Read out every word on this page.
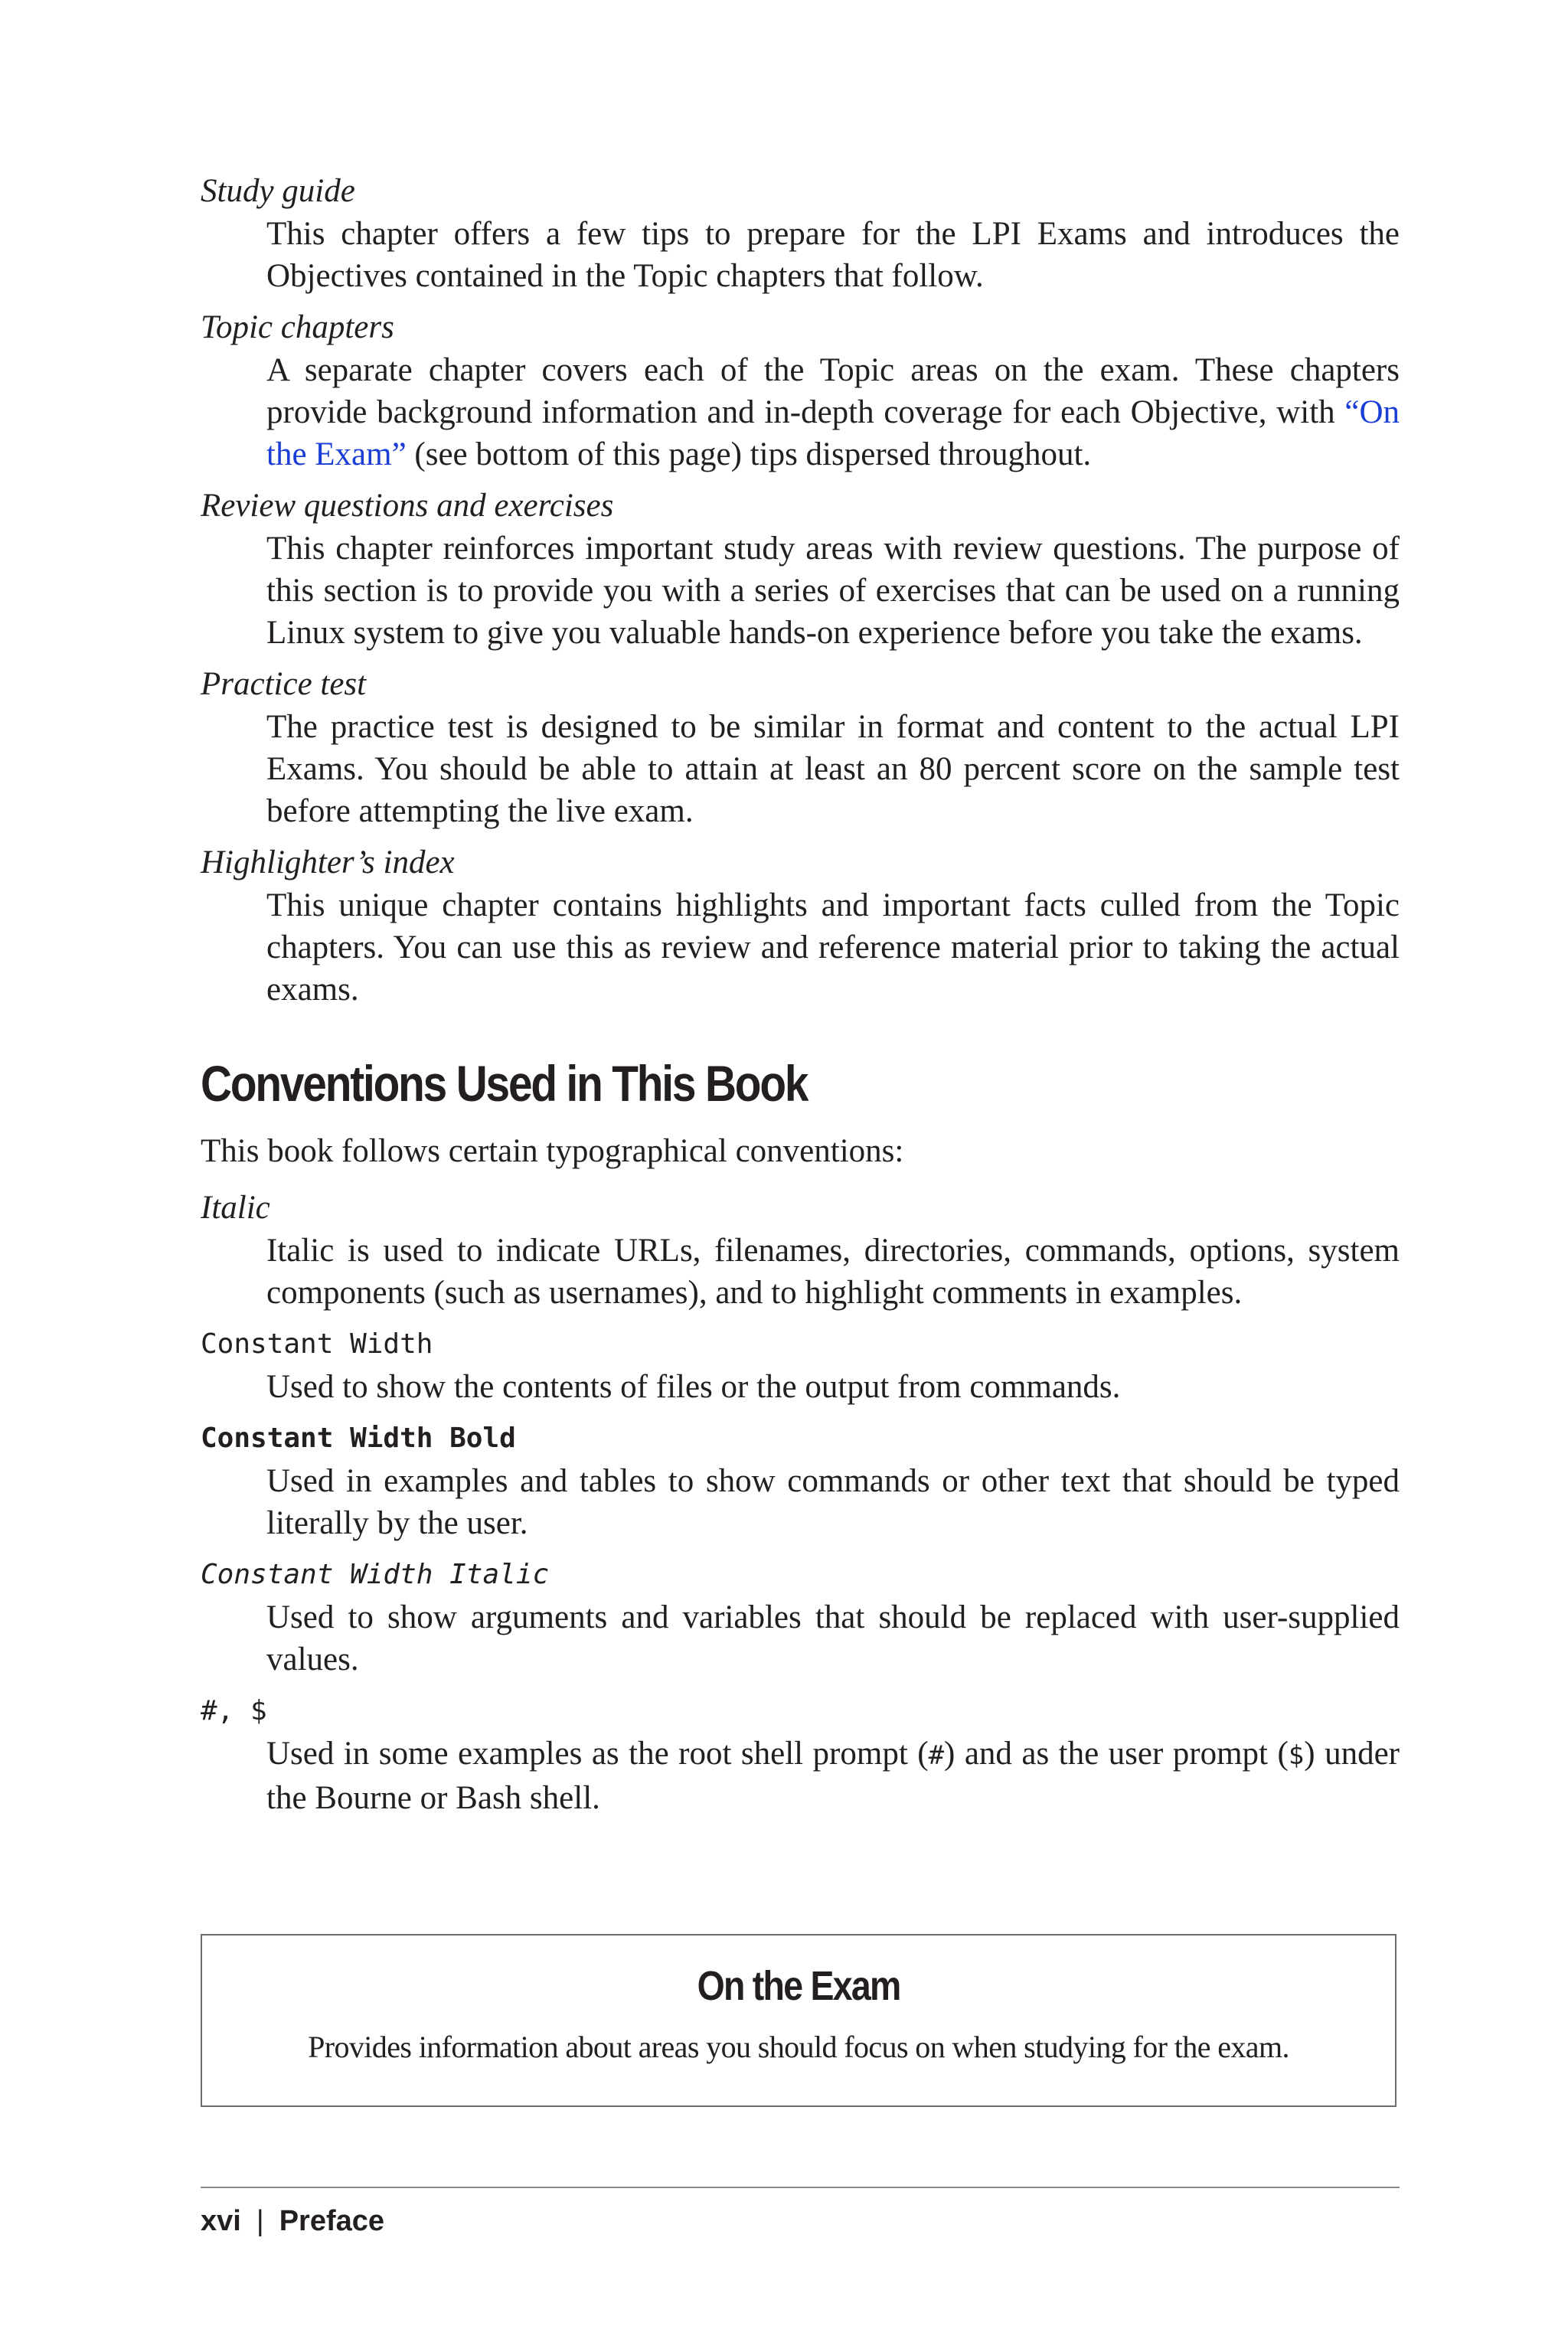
Study guide

This chapter offers a few tips to prepare for the LPI Exams and introduces the Objectives contained in the Topic chapters that follow.

Topic chapters

A separate chapter covers each of the Topic areas on the exam. These chapters provide background information and in-depth coverage for each Objective, with “On the Exam” (see bottom of this page) tips dispersed throughout.

Review questions and exercises

This chapter reinforces important study areas with review questions. The purpose of this section is to provide you with a series of exercises that can be used on a running Linux system to give you valuable hands-on experience before you take the exams.

Practice test

The practice test is designed to be similar in format and content to the actual LPI Exams. You should be able to attain at least an 80 percent score on the sample test before attempting the live exam.

Highlighter’s index

This unique chapter contains highlights and important facts culled from the Topic chapters. You can use this as review and reference material prior to taking the actual exams.

Conventions Used in This Book

This book follows certain typographical conventions:

Italic

Italic is used to indicate URLs, filenames, directories, commands, options, system components (such as usernames), and to highlight comments in examples.

Constant Width

Used to show the contents of files or the output from commands.

Constant Width Bold

Used in examples and tables to show commands or other text that should be typed literally by the user.

Constant Width Italic

Used to show arguments and variables that should be replaced with user-supplied values.

#, $

Used in some examples as the root shell prompt (#) and as the user prompt ($) under the Bourne or Bash shell.

On the Exam
Provides information about areas you should focus on when studying for the exam.
xvi | Preface
